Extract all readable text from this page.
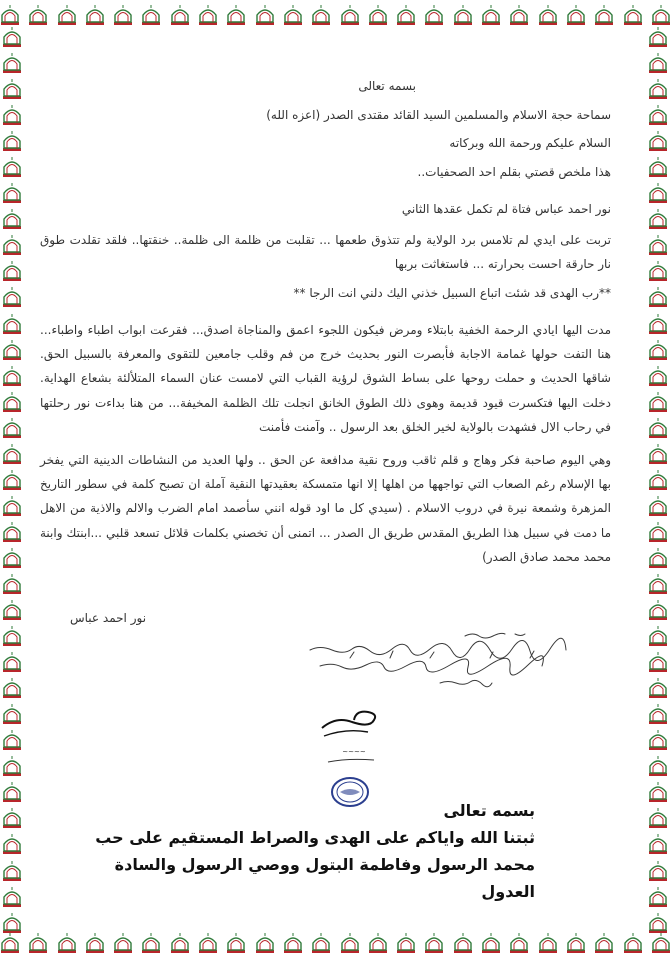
بسمه تعالى
سماحة حجة الاسلام والمسلمين السيد القائد مقتدى الصدر (اعزه الله)
السلام عليكم ورحمة الله وبركاته
هذا ملخص قصتي بقلم احد الصحفيات..
نور احمد عباس فتاة لم تكمل عقدها الثاني
تربت على ايدي لم تلامس برد الولاية ولم تتذوق طعمها ... تقلبت من ظلمة الى ظلمة.. خنقتها.. فلقد تقلدت طوق نار حارقة احست بحرارته ... فاستغاثت بربها
**رب الهدى قد شئت اتباع السبيل خذني اليك دلني انت الرجا **
مدت اليها ايادي الرحمة الخفية بابتلاء ومرض فيكون اللجوء اعمق والمناجاة اصدق... فقرعت ابواب اطباء واطباء... هنا التفت حولها غمامة الاجابة فأبصرت النور بحديث خرج من فم وقلب جامعين للتقوى والمعرفة بالسبيل الحق. شاقها الحديث و حملت روحها على بساط الشوق لرؤية القباب التي لامست عنان السماء المتلألئة بشعاع الهداية. دخلت اليها فتكسرت قيود قديمة وهوى ذلك الطوق الخانق انجلت تلك الظلمة المخيفة... من هنا بداءت نور رحلتها في رحاب الال فشهدت بالولاية لخير الخلق بعد الرسول .. وآمنت فأمنت
وهي اليوم صاحبة فكر وهاج و قلم ثاقب وروح نقية مدافعة عن الحق .. ولها العديد من النشاطات الدينية التي يفخر بها الإسلام رغم الصعاب التي تواجهها من اهلها إلا انها متمسكة بعقيدتها النقية آملة ان تصبح كلمة في سطور التاريخ المزهرة وشمعة نيرة في دروب الاسلام . (سيدي كل ما اود قوله انني سأصمد امام الضرب والالم والاذية من الاهل ما دمت في سبيل هذا الطريق المقدس طريق ال الصدر ... اتمنى أن تخصني بكلمات قلائل تسعد قلبي ...ابنتك وابنة محمد محمد صادق الصدر)
نور احمد عباس
~~~~
بسمه تعالى
ثبتنا الله واياكم على الهدى والصراط المستقيم على حب
محمد الرسول وفاطمة البتول ووصي الرسول والسادة
العدول
